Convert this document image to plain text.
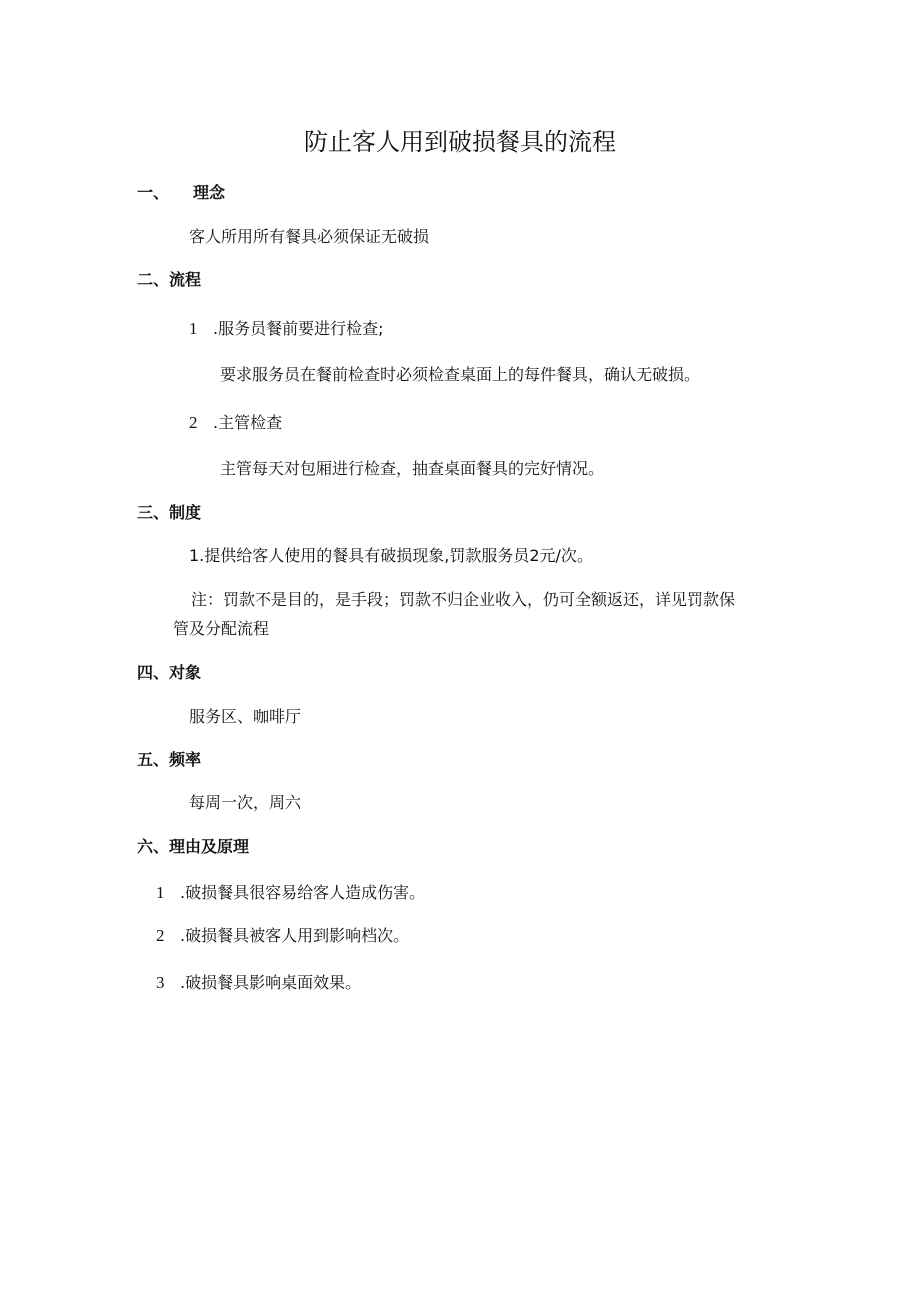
防止客人用到破损餐具的流程
一、 理念
客人所用所有餐具必须保证无破损
二、流程
1 .服务员餐前要进行检查;
要求服务员在餐前检查时必须检查桌面上的每件餐具，确认无破损。
2 .主管检查
主管每天对包厢进行检查，抽查桌面餐具的完好情况。
三、制度
1.提供给客人使用的餐具有破损现象,罚款服务员2元/次。
注：罚款不是目的，是手段；罚款不归企业收入，仍可全额返还，详见罚款保
管及分配流程
四、对象
服务区、咖啡厅
五、频率
每周一次，周六
六、理由及原理
1 .破损餐具很容易给客人造成伤害。
2 .破损餐具被客人用到影响档次。
3 .破损餐具影响桌面效果。
